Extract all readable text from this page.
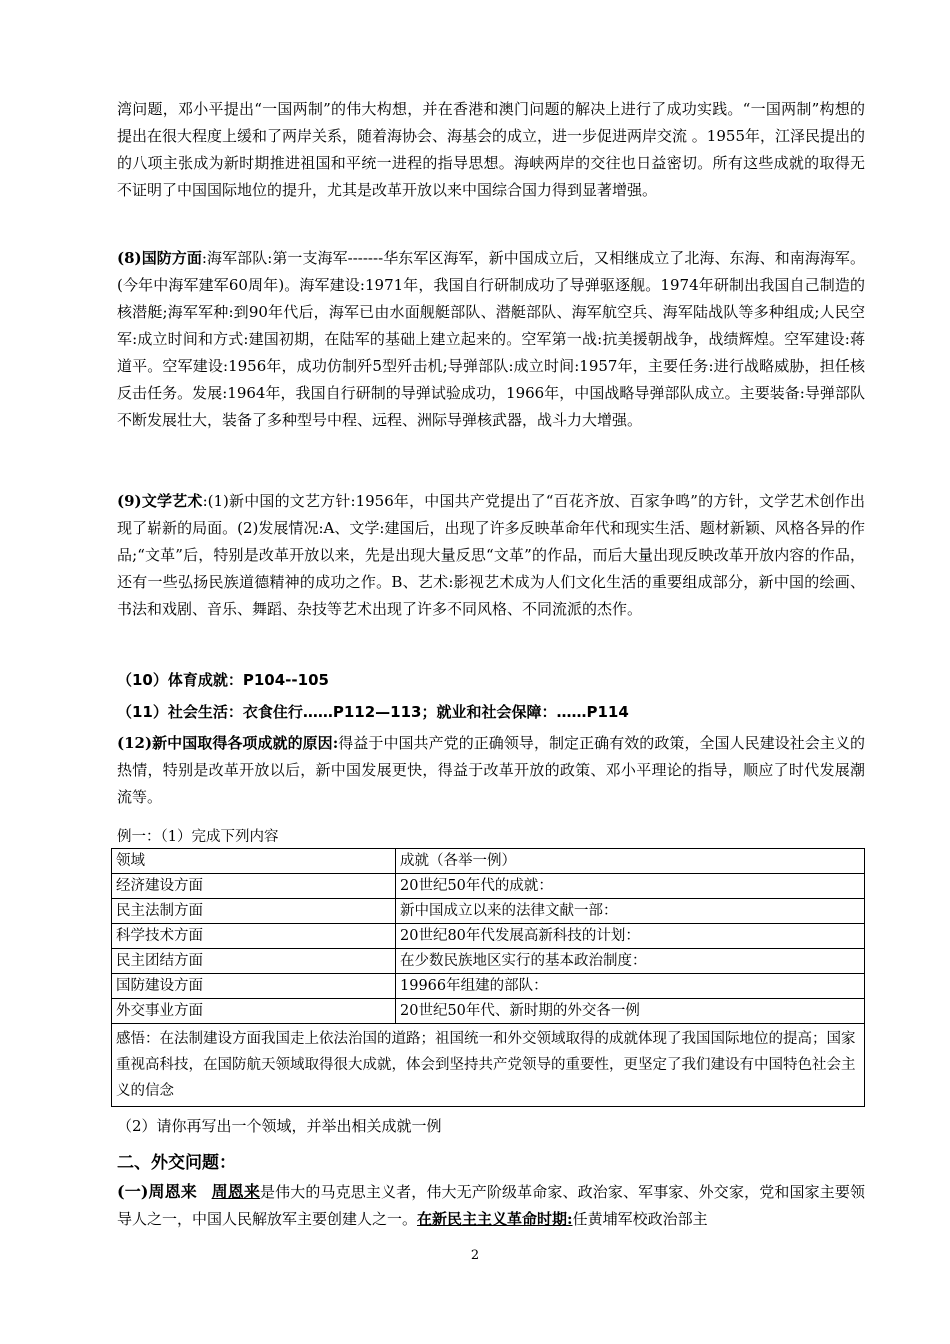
湾问题，邓小平提出“一国两制”的伟大构想，并在香港和澳门问题的解决上进行了成功实践。“一国两制”构想的提出在很大程度上缓和了两岸关系，随着海协会、海基会的成立，进一步促进两岸交流 。1955年，江泽民提出的的八项主张成为新时期推进祖国和平统一进程的指导思想。海峡两岸的交往也日益密切。所有这些成就的取得无不证明了中国国际地位的提升，尤其是改革开放以来中国综合国力得到显著增强。
(8)国防方面:海军部队:第一支海军-------华东军区海军，新中国成立后，又相继成立了北海、东海、和南海海军。(今年中海军建军60周年)。海军建设:1971年，我国自行研制成功了导弹驱逐舰。1974年研制出我国自己制造的核潜艇;海军军种:到90年代后，海军已由水面舰艇部队、潜艇部队、海军航空兵、海军陆战队等多种组成;人民空军:成立时间和方式:建国初期，在陆军的基础上建立起来的。空军第一战:抗美援朝战争，战绩辉煌。空军建设:蒋道平。空军建设:1956年，成功仿制歼5型歼击机;导弹部队:成立时间:1957年，主要任务:进行战略威胁，担任核反击任务。发展:1964年，我国自行研制的导弹试验成功，1966年，中国战略导弹部队成立。主要装备:导弹部队不断发展壮大，装备了多种型号中程、远程、洲际导弹核武器，战斗力大增强。
(9)文学艺术:(1)新中国的文艺方针:1956年，中国共产党提出了“百花齐放、百家争鸣”的方针，文学艺术创作出现了崭新的局面。(2)发展情况:A、文学:建国后，出现了许多反映革命年代和现实生活、题材新颖、风格各异的作品;“文革”后，特别是改革开放以来，先是出现大量反思“文革”的作品，而后大量出现反映改革开放内容的作品，还有一些弘扬民族道德精神的成功之作。B、艺术:影视艺术成为人们文化生活的重要组成部分，新中国的绘画、书法和戏剧、音乐、舞蹈、杂技等艺术出现了许多不同风格、不同流派的杰作。
（10）体育成就：P104--105
（11）社会生活：衣食住行……P112—113；就业和社会保障：……P114
(12)新中国取得各项成就的原因:得益于中国共产党的正确领导，制定正确有效的政策，全国人民建设社会主义的热情，特别是改革开放以后，新中国发展更快，得益于改革开放的政策、邓小平理论的指导，顺应了时代发展潮流等。
例一：（1）完成下列内容
领域	成就（各举一例）
经济建设方面	20世纪50年代的成就：
民主法制方面	新中国成立以来的法律文献一部：
科学技术方面	20世纪80年代发展高新科技的计划：
民主团结方面	在少数民族地区实行的基本政治制度：
国防建设方面	19966年组建的部队：
外交事业方面	20世纪50年代、新时期的外交各一例
感悟：在法制建设方面我国走上依法治国的道路；祖国统一和外交领域取得的成就体现了我国国际地位的提高；国家重视高科技，在国防航天领域取得很大成就，体会到坚持共产党领导的重要性，更坚定了我们建设有中国特色社会主义的信念	
（2）请你再写出一个领域，并举出相关成就一例
二、外交问题：
(一)周恩来 周恩来是伟大的马克思主义者，伟大无产阶级革命家、政治家、军事家、外交家，党和国家主要领导人之一，中国人民解放军主要创建人之一。在新民主主义革命时期:任黄埔军校政治部主
2
